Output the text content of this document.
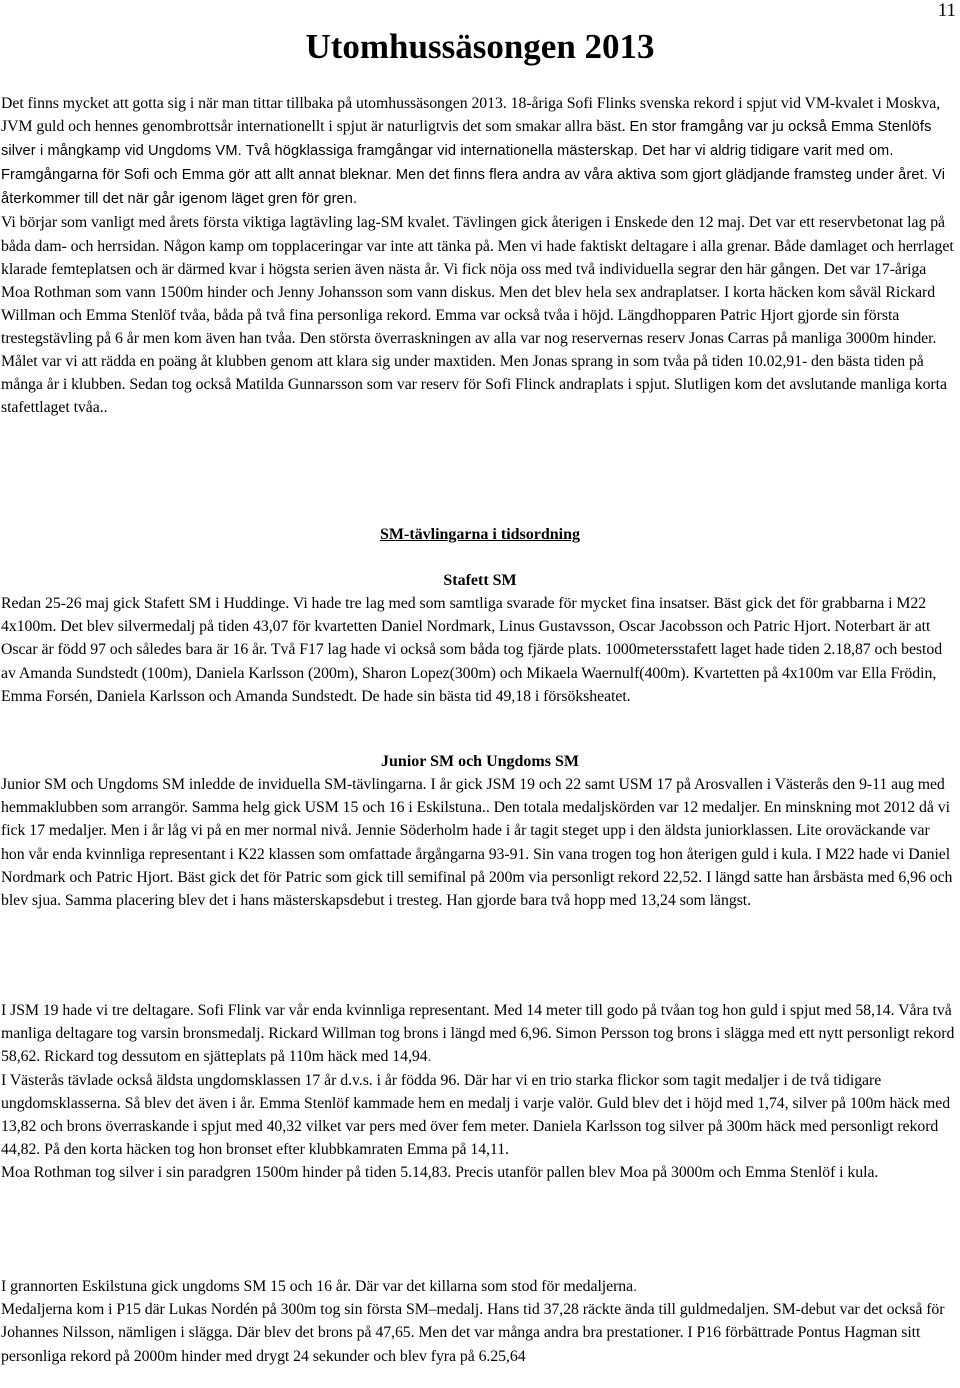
11
Utomhussäsongen 2013

Det finns mycket att gotta sig i när man tittar tillbaka på utomhussäsongen 2013. 18-åriga Sofi Flinks svenska rekord i spjut vid VM-kvalet i Moskva, JVM guld och hennes genombrottsår internationellt i spjut är naturligtvis det som smakar allra bäst. En stor framgång var ju också Emma Stenlöfs silver i mångkamp vid Ungdoms VM. Två högklassiga framgångar vid internationella mästerskap. Det har vi aldrig tidigare varit med om. Framgångarna för Sofi och Emma gör att allt annat bleknar. Men det finns flera andra av våra aktiva som gjort glädjande framsteg under året. Vi återkommer till det när går igenom läget gren för gren.

Vi börjar som vanligt med årets första viktiga lagtävling lag-SM kvalet. Tävlingen gick återigen i Enskede den 12 maj. Det var ett reservbetonat lag på båda dam- och herrsidan. Någon kamp om topplaceringar var inte att tänka på. Men vi hade faktiskt deltagare i alla grenar. Både damlaget och herrlaget klarade femteplatsen och är därmed kvar i högsta serien även nästa år. Vi fick nöja oss med två individuella segrar den här gången. Det var 17-åriga Moa Rothman som vann 1500m hinder och Jenny Johansson som vann diskus. Men det blev hela sex andraplatser. I korta häcken kom såväl Rickard Willman och Emma Stenlöf tvåa, båda på två fina personliga rekord. Emma var också tvåa i höjd. Längdhopparen Patric Hjort gjorde sin första trestegstävling på 6 år men kom även han tvåa. Den största överraskningen av alla var nog reservernas reserv Jonas Carras på manliga 3000m hinder. Målet var vi att rädda en poäng åt klubben genom att klara sig under maxtiden. Men Jonas sprang in som tvåa på tiden 10.02,91- den bästa tiden på många år i klubben. Sedan tog också Matilda Gunnarsson som var reserv för Sofi Flinck andraplats i spjut. Slutligen kom det avslutande manliga korta stafettlaget tvåa..

SM-tävlingarna i tidsordning
Stafett SM

Redan 25-26 maj gick Stafett SM i Huddinge. Vi hade tre lag med som samtliga svarade för mycket fina insatser. Bäst gick det för grabbarna i M22 4x100m. Det blev silvermedalj på tiden 43,07 för kvartetten Daniel Nordmark, Linus Gustavsson, Oscar Jacobsson och Patric Hjort. Noterbart är att Oscar är född 97 och således bara är 16 år. Två F17 lag hade vi också som båda tog fjärde plats. 1000metersstafett laget hade tiden 2.18,87 och bestod av Amanda Sundstedt (100m), Daniela Karlsson (200m), Sharon Lopez(300m) och Mikaela Waernulf(400m). Kvartetten på 4x100m var Ella Frödin, Emma Forsén, Daniela Karlsson och Amanda Sundstedt. De hade sin bästa tid 49,18 i försöksheatet.

Junior SM och Ungdoms SM

Junior SM och Ungdoms SM inledde de inviduella SM-tävlingarna. I år gick JSM 19 och 22 samt USM 17 på Arosvallen i Västerås den 9-11 aug med hemmaklubben som arrangör. Samma helg gick USM 15 och 16 i Eskilstuna.. Den totala medaljskörden var 12 medaljer. En minskning mot 2012 då vi fick 17 medaljer. Men i år låg vi på en mer normal nivå. Jennie Söderholm hade i år tagit steget upp i den äldsta juniorklassen. Lite oroväckande var hon vår enda kvinnliga representant i K22 klassen som omfattade årgångarna 93-91. Sin vana trogen tog hon återigen guld i kula. I M22 hade vi Daniel Nordmark och Patric Hjort. Bäst gick det för Patric som gick till semifinal på 200m via personligt rekord 22,52. I längd satte han årsbästa med 6,96 och blev sjua. Samma placering blev det i hans mästerskapsdebut i tresteg. Han gjorde bara två hopp med 13,24 som längst.

I JSM 19 hade vi tre deltagare. Sofi Flink var vår enda kvinnliga representant. Med 14 meter till godo på tvåan tog hon guld i spjut med 58,14. Våra två manliga deltagare tog varsin bronsmedalj. Rickard Willman tog brons i längd med 6,96. Simon Persson tog brons i slägga med ett nytt personligt rekord 58,62. Rickard tog dessutom en sjätteplats på 110m häck med 14,94.

I Västerås tävlade också äldsta ungdomsklassen 17 år d.v.s. i år födda 96. Där har vi en trio starka flickor som tagit medaljer i de två tidigare ungdomsklasserna. Så blev det även i år. Emma Stenlöf kammade hem en medalj i varje valör. Guld blev det i höjd med 1,74, silver på 100m häck med 13,82 och brons överraskande i spjut med 40,32 vilket var pers med över fem meter. Daniela Karlsson tog silver på 300m häck med personligt rekord 44,82. På den korta häcken tog hon bronset efter klubbkamraten Emma på 14,11.

Moa Rothman tog silver i sin paradgren 1500m hinder på tiden 5.14,83. Precis utanför pallen blev Moa på 3000m och Emma Stenlöf i kula.

I grannorten Eskilstuna gick ungdoms SM 15 och 16 år. Där var det killarna som stod för medaljerna.

Medaljerna kom i P15 där Lukas Nordén på 300m tog sin första SM–medalj. Hans tid 37,28 räckte ända till guldmedaljen. SM-debut var det också för Johannes Nilsson, nämligen i slägga. Där blev det brons på 47,65. Men det var många andra bra prestationer. I P16 förbättrade Pontus Hagman sitt personliga rekord på 2000m hinder med drygt 24 sekunder och blev fyra på 6.25,64
